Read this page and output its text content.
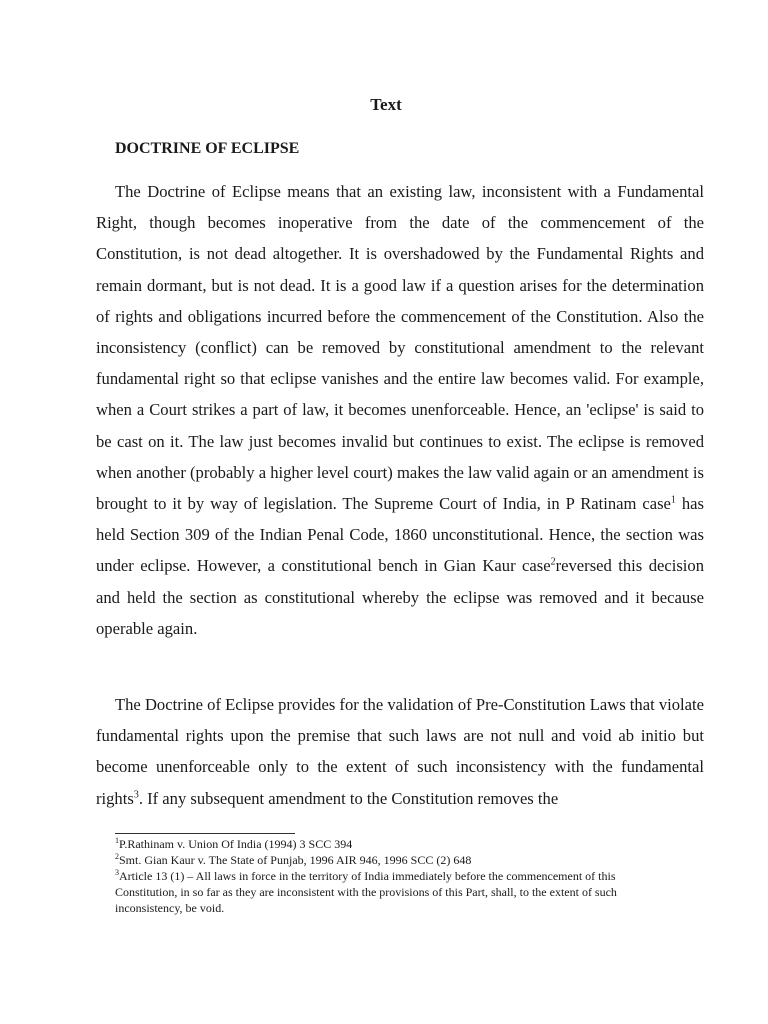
Text
DOCTRINE OF ECLIPSE

The Doctrine of Eclipse means that an existing law, inconsistent with a Fundamental Right, though becomes inoperative from the date of the commencement of the Constitution, is not dead altogether. It is overshadowed by the Fundamental Rights and remain dormant, but is not dead. It is a good law if a question arises for the determination of rights and obligations incurred before the commencement of the Constitution. Also the inconsistency (conflict) can be removed by constitutional amendment to the relevant fundamental right so that eclipse vanishes and the entire law becomes valid. For example, when a Court strikes a part of law, it becomes unenforceable. Hence, an 'eclipse' is said to be cast on it. The law just becomes invalid but continues to exist. The eclipse is removed when another (probably a higher level court) makes the law valid again or an amendment is brought to it by way of legislation. The Supreme Court of India, in P Ratinam case$^1$ has held Section 309 of the Indian Penal Code, 1860 unconstitutional. Hence, the section was under eclipse. However, a constitutional bench in Gian Kaur case$^2$reversed this decision and held the section as constitutional whereby the eclipse was removed and it because operable again.

The Doctrine of Eclipse provides for the validation of Pre-Constitution Laws that violate fundamental rights upon the premise that such laws are not null and void ab initio but become unenforceable only to the extent of such inconsistency with the fundamental rights$^3$. If any subsequent amendment to the Constitution removes the

$^1$P.Rathinam v. Union Of India (1994) 3 SCC 394

$^2$Smt. Gian Kaur v. The State of Punjab, 1996 AIR 946, 1996 SCC (2) 648

$^3$Article 13 (1) – All laws in force in the territory of India immediately before the commencement of this Constitution, in so far as they are inconsistent with the provisions of this Part, shall, to the extent of such inconsistency, be void.
